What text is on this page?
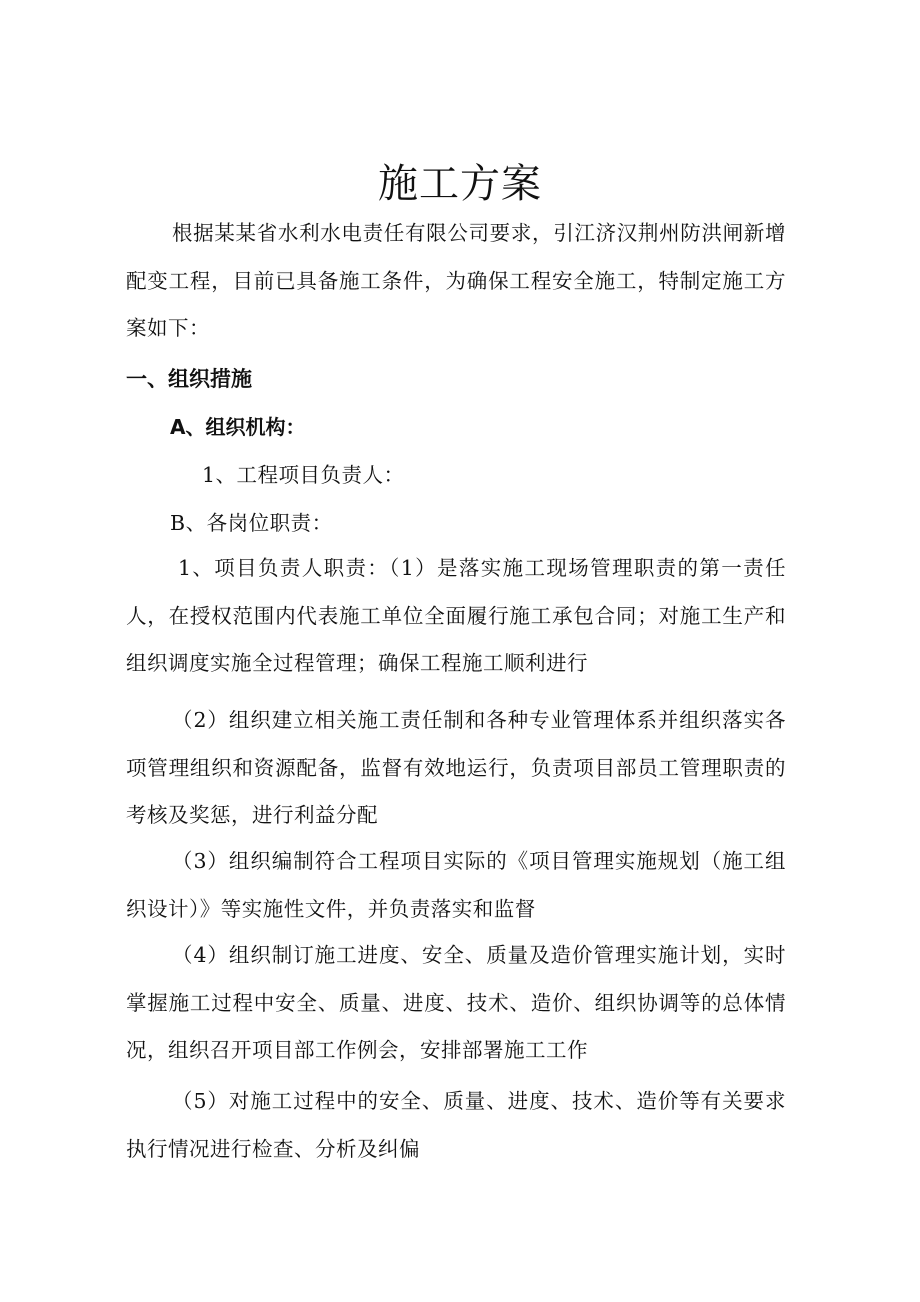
施工方案

根据某某省水利水电责任有限公司要求，引江济汉荆州防洪闸新增配变工程，目前已具备施工条件，为确保工程安全施工，特制定施工方案如下：

一、组织措施
A、组织机构：
1、工程项目负责人：
B、各岗位职责：

1、项目负责人职责：（1）是落实施工现场管理职责的第一责任人，在授权范围内代表施工单位全面履行施工承包合同；对施工生产和组织调度实施全过程管理；确保工程施工顺利进行

（2）组织建立相关施工责任制和各种专业管理体系并组织落实各项管理组织和资源配备，监督有效地运行，负责项目部员工管理职责的考核及奖惩，进行利益分配

（3）组织编制符合工程项目实际的《项目管理实施规划（施工组织设计）》等实施性文件，并负责落实和监督

（4）组织制订施工进度、安全、质量及造价管理实施计划，实时掌握施工过程中安全、质量、进度、技术、造价、组织协调等的总体情况，组织召开项目部工作例会，安排部署施工工作

（5）对施工过程中的安全、质量、进度、技术、造价等有关要求执行情况进行检查、分析及纠偏
